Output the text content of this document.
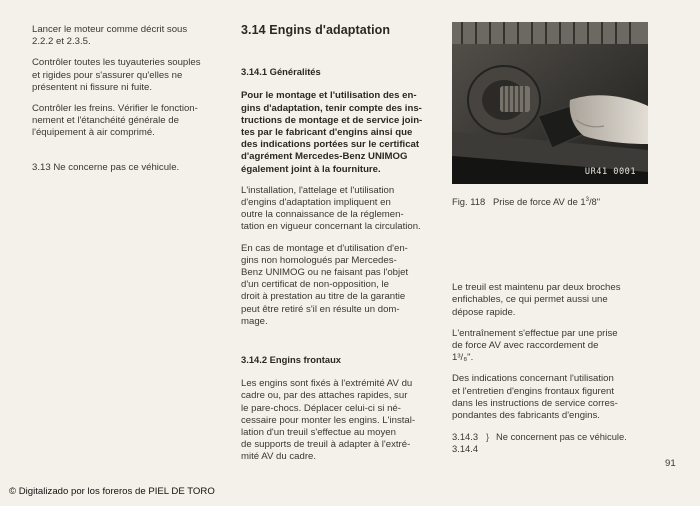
Lancer le moteur comme décrit sous
2.2.2 et 2.3.5.

Contrôler toutes les tuyauteries souples
et rigides pour s'assurer qu'elles ne
présentent ni fissure ni fuite.

Contrôler les freins. Vérifier le fonction-
nement et l'étanchéité générale de
l'équipement à air comprimé.

3.13 Ne concerne pas ce véhicule.

3.14 Engins d'adaptation
3.14.1 Généralités

Pour le montage et l'utilisation des en-
gins d'adaptation, tenir compte des ins-
tructions de montage et de service join-
tes par le fabricant d'engins ainsi que
des indications portées sur le certificat
d'agrément Mercedes-Benz UNIMOG
également joint à la fourniture.

L'installation, l'attelage et l'utilisation
d'engins d'adaptation impliquent en
outre la connaissance de la réglemen-
tation en vigueur concernant la circulation.

En cas de montage et d'utilisation d'en-
gins non homologués par Mercedes-
Benz UNIMOG ou ne faisant pas l'objet
d'un certificat de non-opposition, le
droit à prestation au titre de la garantie
peut être retiré s'il en résulte un dom-
mage.

3.14.2 Engins frontaux

Les engins sont fixés à l'extrémité AV du
cadre ou, par des attaches rapides, sur
le pare-chocs. Déplacer celui-ci si né-
cessaire pour monter les engins. L'instal-
lation d'un treuil s'effectue au moyen
de supports de treuil à adapter à l'extré-
mité AV du cadre.

UR41 0001
Fig. 118 Prise de force AV de $1^3/8$"

Le treuil est maintenu par deux broches
enfichables, ce qui permet aussi une
dépose rapide.

L'entraînement s'effectue par une prise
de force AV avec raccordement de
1³/₈".

Des indications concernant l'utilisation
et l'entretien d'engins frontaux figurent
dans les instructions de service corres-
pondantes des fabricants d'engins.

3.14.3
3.14.4
} Ne concernent pas ce véhicule.
91
© Digitalizado por los foreros de PIEL DE TORO
